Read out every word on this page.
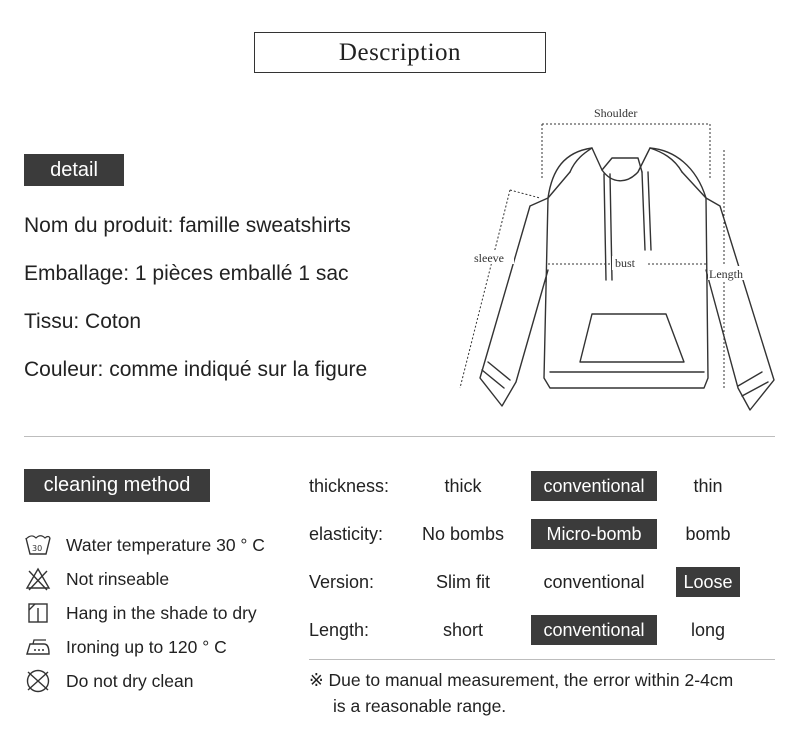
Description
detail
Nom du produit: famille sweatshirts
Emballage: 1 pièces emballé 1 sac
Tissu: Coton
Couleur: comme indiqué sur la figure
Shoulder
bust
sleeve
Length
cleaning method
30 Water temperature 30 ° C
Not rinseable
Hang in the shade to dry
Ironing up to 120 ° C
Do not dry clean
thickness:	thick	conventional	thin
elasticity:	No bombs	Micro-bomb	bomb
Version:	Slim fit	conventional	Loose
Length:	short	conventional	long
※ Due to manual measurement, the error within 2-4cm
is a reasonable range.
